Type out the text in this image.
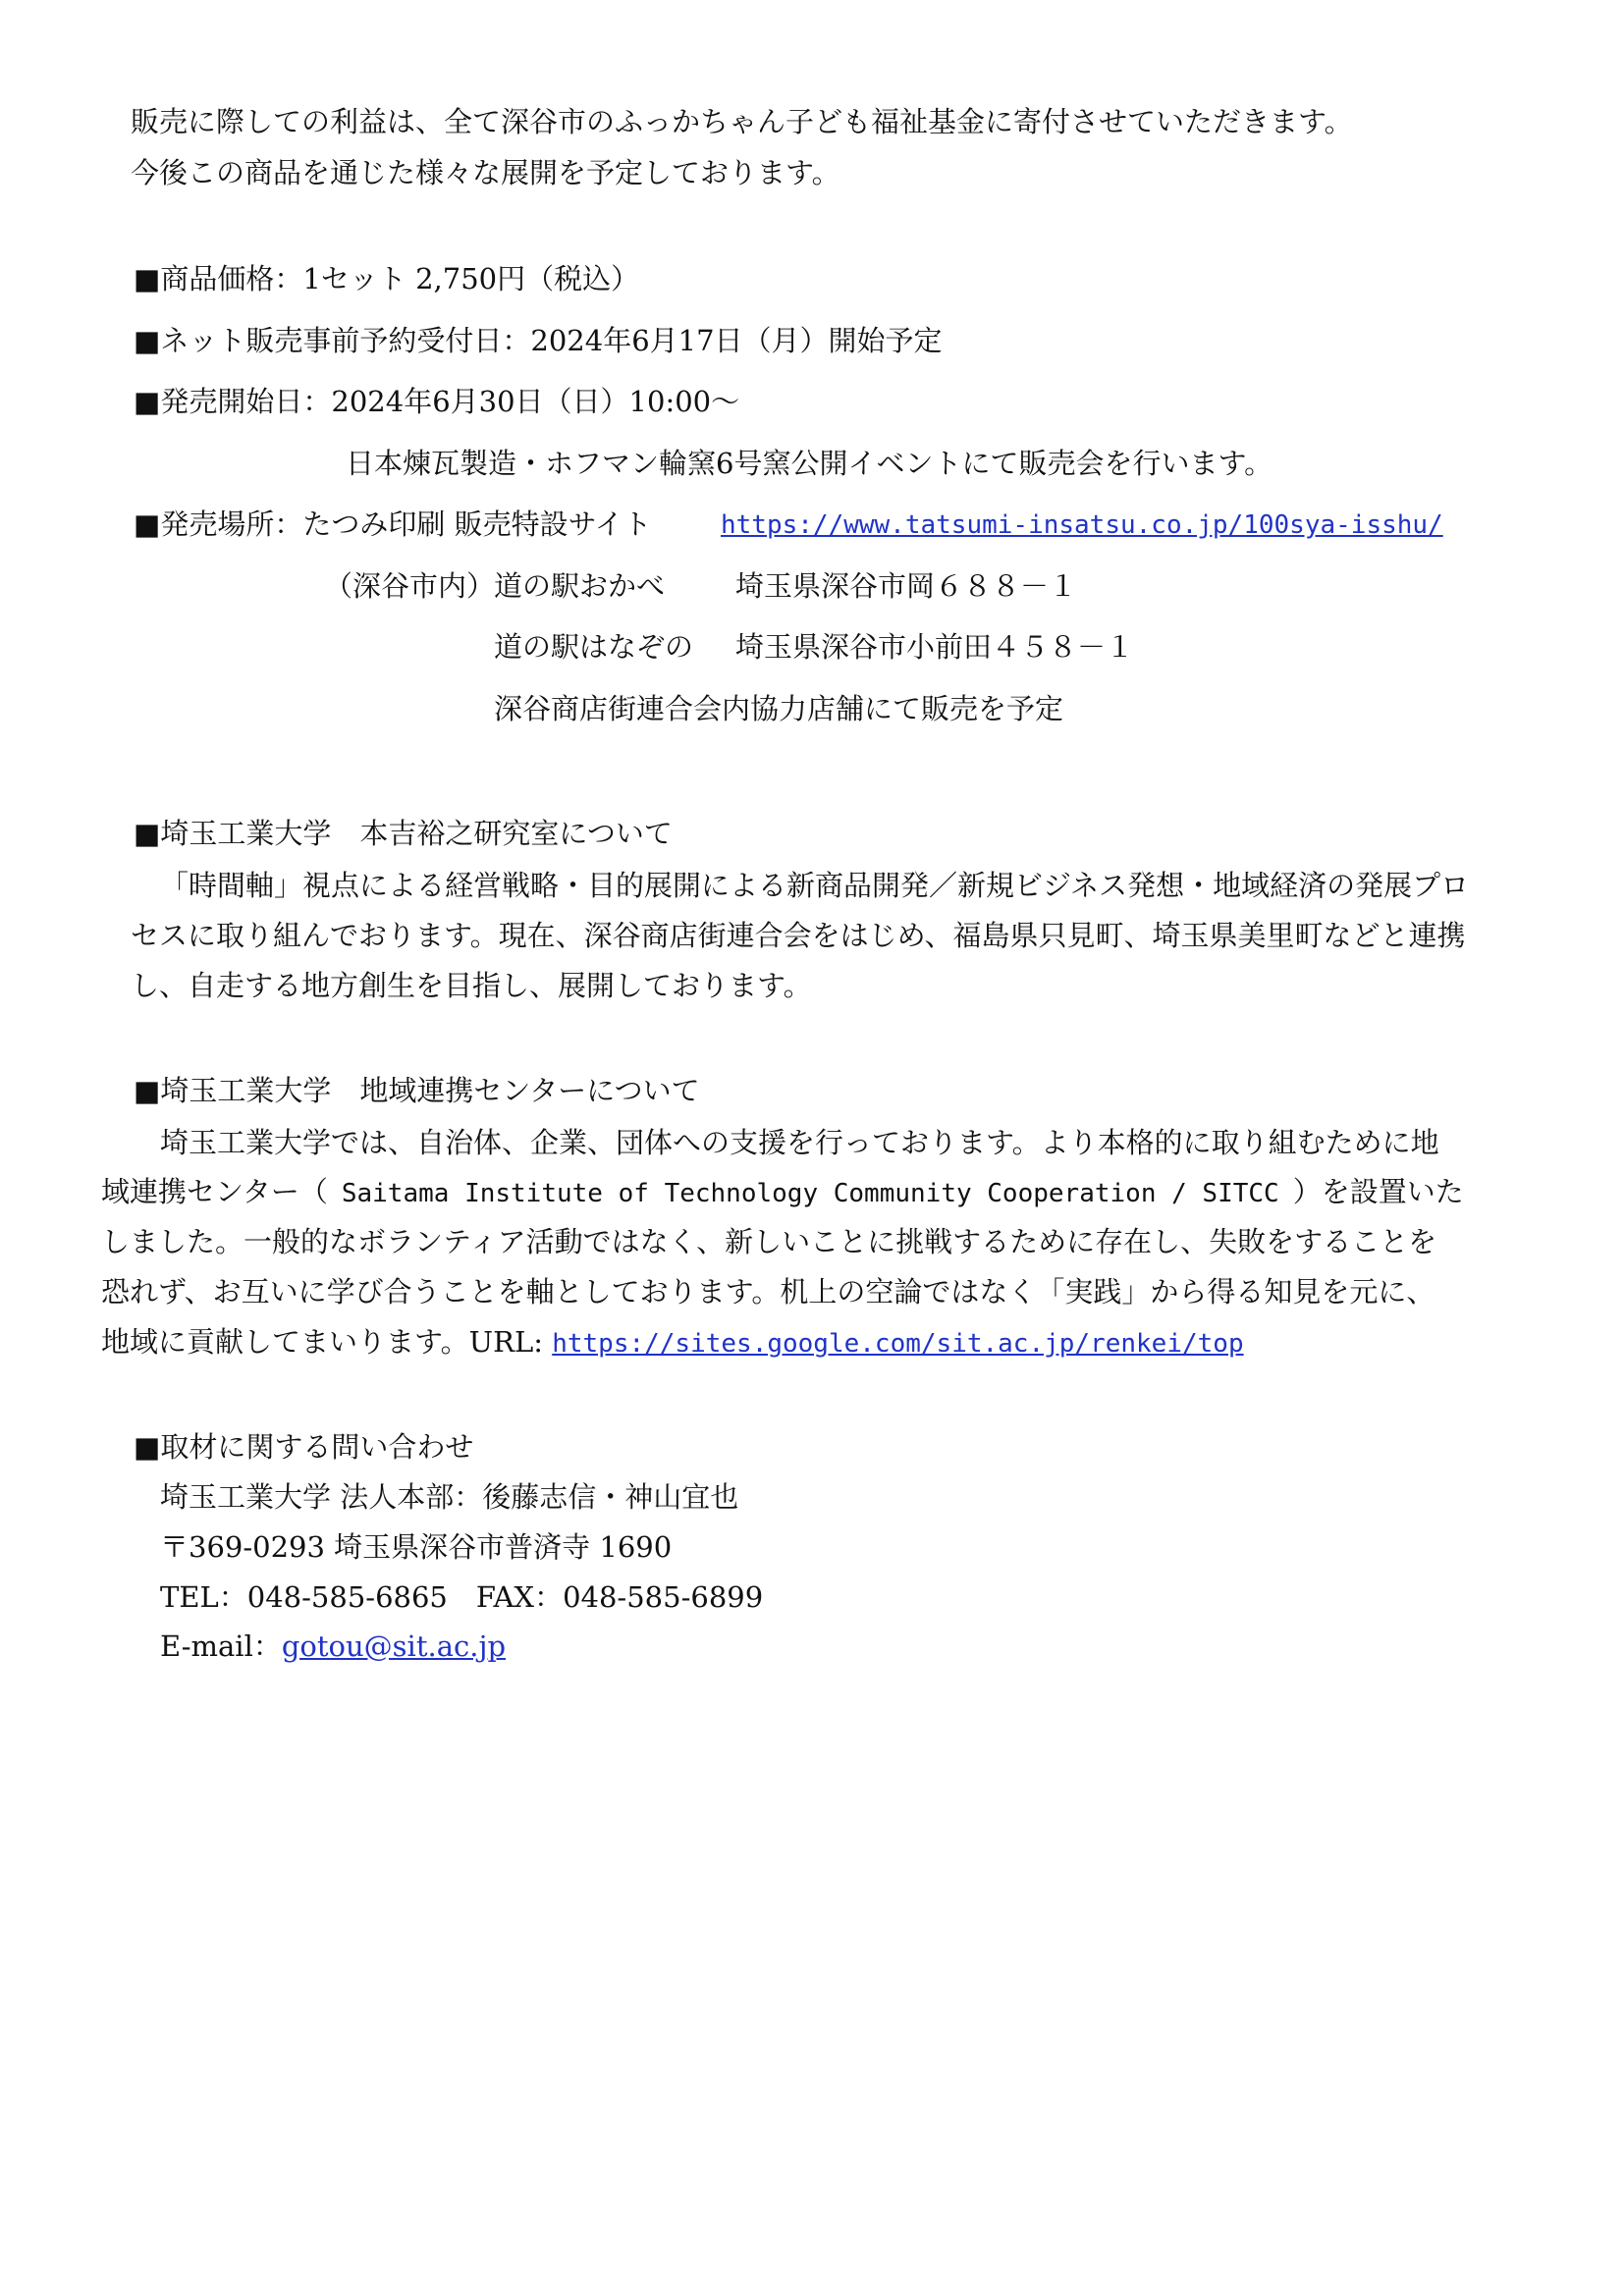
販売に際しての利益は、全て深谷市のふっかちゃん子ども福祉基金に寄付させていただきます。
今後この商品を通じた様々な展開を予定しております。
■商品価格：1セット 2,750円（税込）
■ネット販売事前予約受付日：2024年6月17日（月）開始予定
■発売開始日：2024年6月30日（日）10:00～
日本煉瓦製造・ホフマン輪窯6号窯公開イベントにて販売会を行います。
■発売場所：たつみ印刷 販売特設サイト	https://www.tatsumi-insatsu.co.jp/100sya-isshu/
（深谷市内）
道の駅おかべ 埼玉県深谷市岡６８８－１
道の駅はなぞの 埼玉県深谷市小前田４５８－１
深谷商店街連合会内協力店舗にて販売を予定
■埼玉工業大学　本吉裕之研究室について
「時間軸」視点による経営戦略・目的展開による新商品開発／新規ビジネス発想・地域経済の発展プロ
セスに取り組んでおります。現在、深谷商店街連合会をはじめ、福島県只見町、埼玉県美里町などと連携
し、自走する地方創生を目指し、展開しております。
■埼玉工業大学　地域連携センターについて
埼玉工業大学では、自治体、企業、団体への支援を行っております。より本格的に取り組むために地
域連携センター（ Saitama Institute of Technology Community Cooperation / SITCC ）を設置いた
しました。一般的なボランティア活動ではなく、新しいことに挑戦するために存在し、失敗をすることを
恐れず、お互いに学び合うことを軸としております。机上の空論ではなく「実践」から得る知見を元に、
地域に貢献してまいります。URL: https://sites.google.com/sit.ac.jp/renkei/top
■取材に関する問い合わせ
埼玉工業大学 法人本部：後藤志信・神山宜也
〒369-0293 埼玉県深谷市普済寺 1690
TEL：048-585-6865　FAX：048-585-6899
E-mail：gotou@sit.ac.jp
